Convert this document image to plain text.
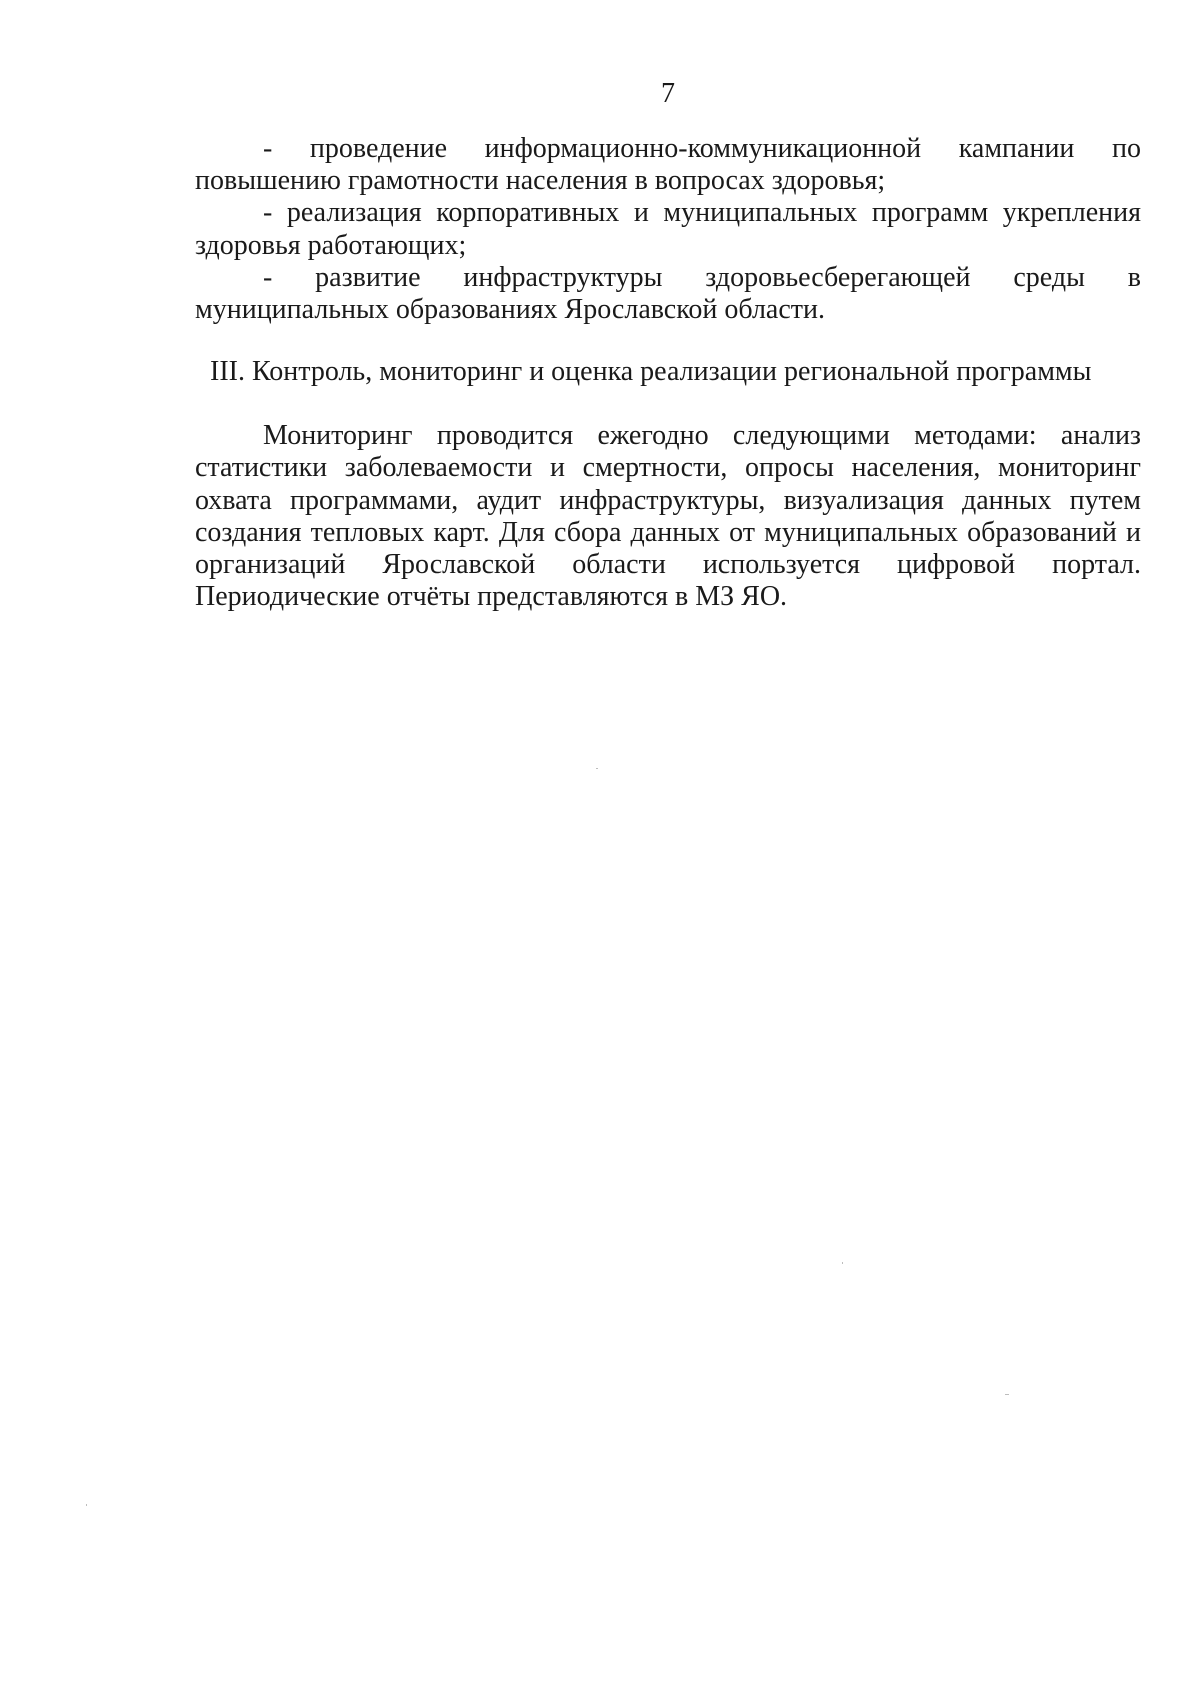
7

- проведение информационно-коммуникационной кампании по повышению грамотности населения в вопросах здоровья;

- реализация корпоративных и муниципальных программ укрепления здоровья работающих;

- развитие инфраструктуры здоровьесберегающей среды в муниципальных образованиях Ярославской области.

III. Контроль, мониторинг и оценка реализации региональной программы

Мониторинг проводится ежегодно следующими методами: анализ статистики заболеваемости и смертности, опросы населения, мониторинг охвата программами, аудит инфраструктуры, визуализация данных путем создания тепловых карт. Для сбора данных от муниципальных образований и организаций Ярославской области используется цифровой портал. Периодические отчёты представляются в МЗ ЯО.
